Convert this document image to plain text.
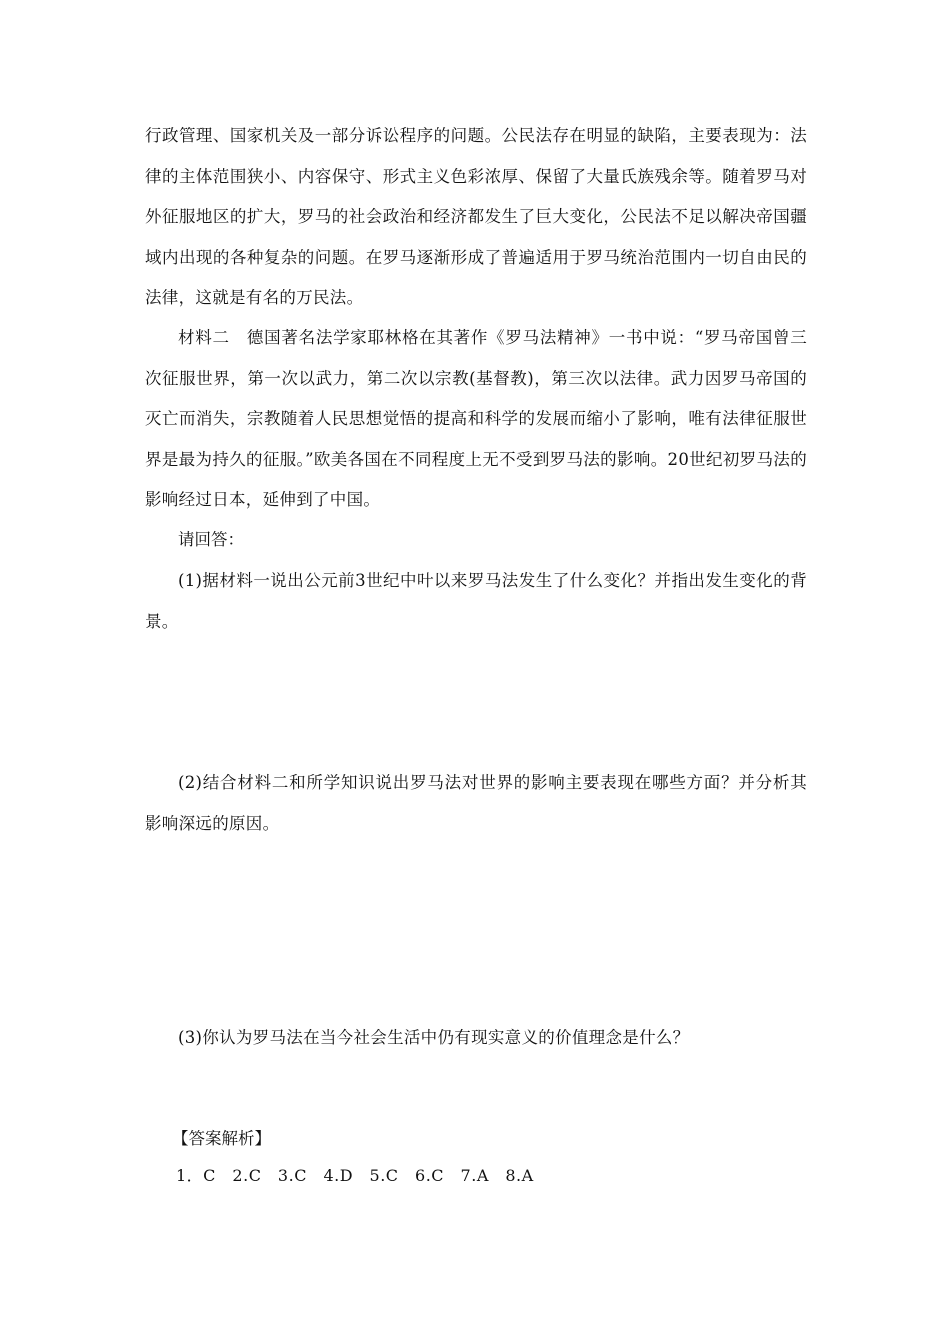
行政管理、国家机关及一部分诉讼程序的问题。公民法存在明显的缺陷，主要表现为：法律的主体范围狭小、内容保守、形式主义色彩浓厚、保留了大量氏族残余等。随着罗马对外征服地区的扩大，罗马的社会政治和经济都发生了巨大变化，公民法不足以解决帝国疆域内出现的各种复杂的问题。在罗马逐渐形成了普遍适用于罗马统治范围内一切自由民的法律，这就是有名的万民法。
材料二　德国著名法学家耶林格在其著作《罗马法精神》一书中说：“罗马帝国曾三次征服世界，第一次以武力，第二次以宗教(基督教)，第三次以法律。武力因罗马帝国的灭亡而消失，宗教随着人民思想觉悟的提高和科学的发展而缩小了影响，唯有法律征服世界是最为持久的征服。”欧美各国在不同程度上无不受到罗马法的影响。20世纪初罗马法的影响经过日本，延伸到了中国。
请回答：
(1)据材料一说出公元前3世纪中叶以来罗马法发生了什么变化？并指出发生变化的背景。
(2)结合材料二和所学知识说出罗马法对世界的影响主要表现在哪些方面？并分析其影响深远的原因。
(3)你认为罗马法在当今社会生活中仍有现实意义的价值理念是什么？
【答案解析】
1．C　2.C　3.C　4.D　5.C　6.C　7.A　8.A
